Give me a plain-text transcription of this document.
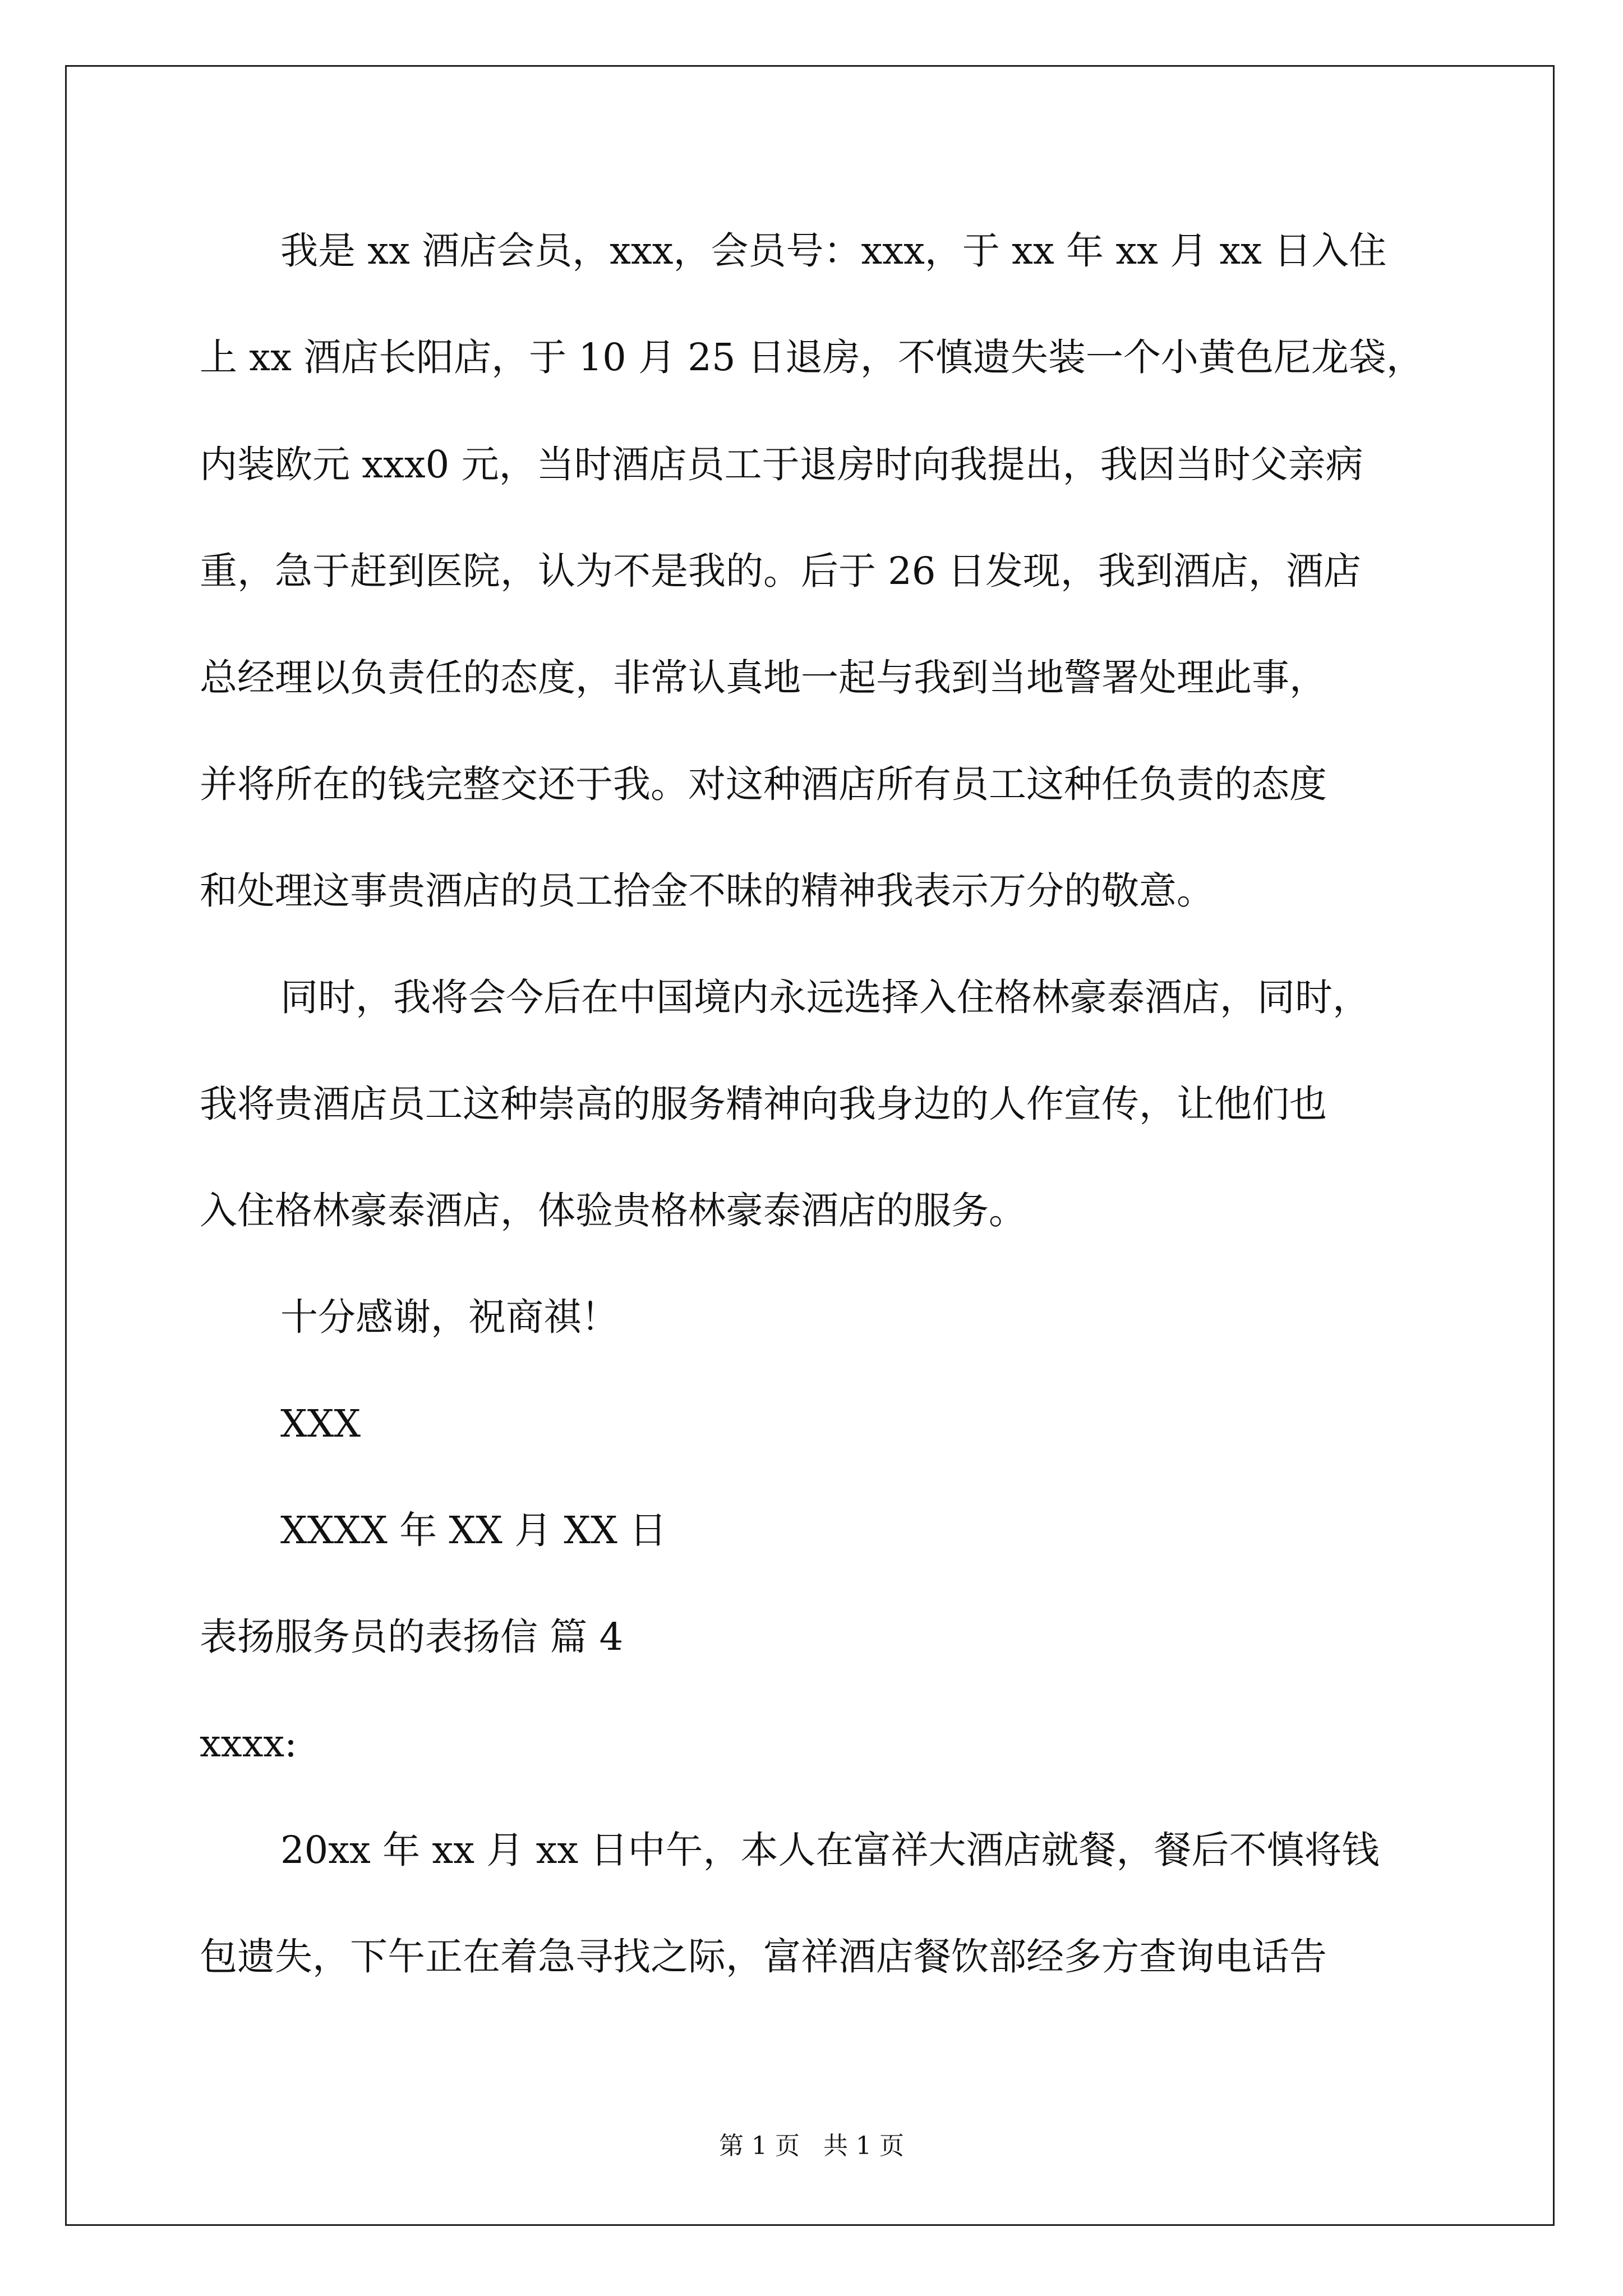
我是 xx 酒店会员，xxx，会员号：xxx，于 xx 年 xx 月 xx 日入住
上 xx 酒店长阳店，于 10 月 25 日退房，不慎遗失装一个小黄色尼龙袋，
内装欧元 xxx0 元，当时酒店员工于退房时向我提出，我因当时父亲病
重，急于赶到医院，认为不是我的。后于 26 日发现，我到酒店，酒店
总经理以负责任的态度，非常认真地一起与我到当地警署处理此事，
并将所在的钱完整交还于我。对这种酒店所有员工这种任负责的态度
和处理这事贵酒店的员工拾金不昧的精神我表示万分的敬意。
同时，我将会今后在中国境内永远选择入住格林豪泰酒店，同时，
我将贵酒店员工这种崇高的服务精神向我身边的人作宣传，让他们也
入住格林豪泰酒店，体验贵格林豪泰酒店的服务。
十分感谢，祝商祺！
XXX
XXXX 年 XX 月 XX 日
表扬服务员的表扬信 篇 4
xxxx:
20xx 年 xx 月 xx 日中午，本人在富祥大酒店就餐，餐后不慎将钱
包遗失，下午正在着急寻找之际，富祥酒店餐饮部经多方查询电话告
第 1 页   共 1 页
